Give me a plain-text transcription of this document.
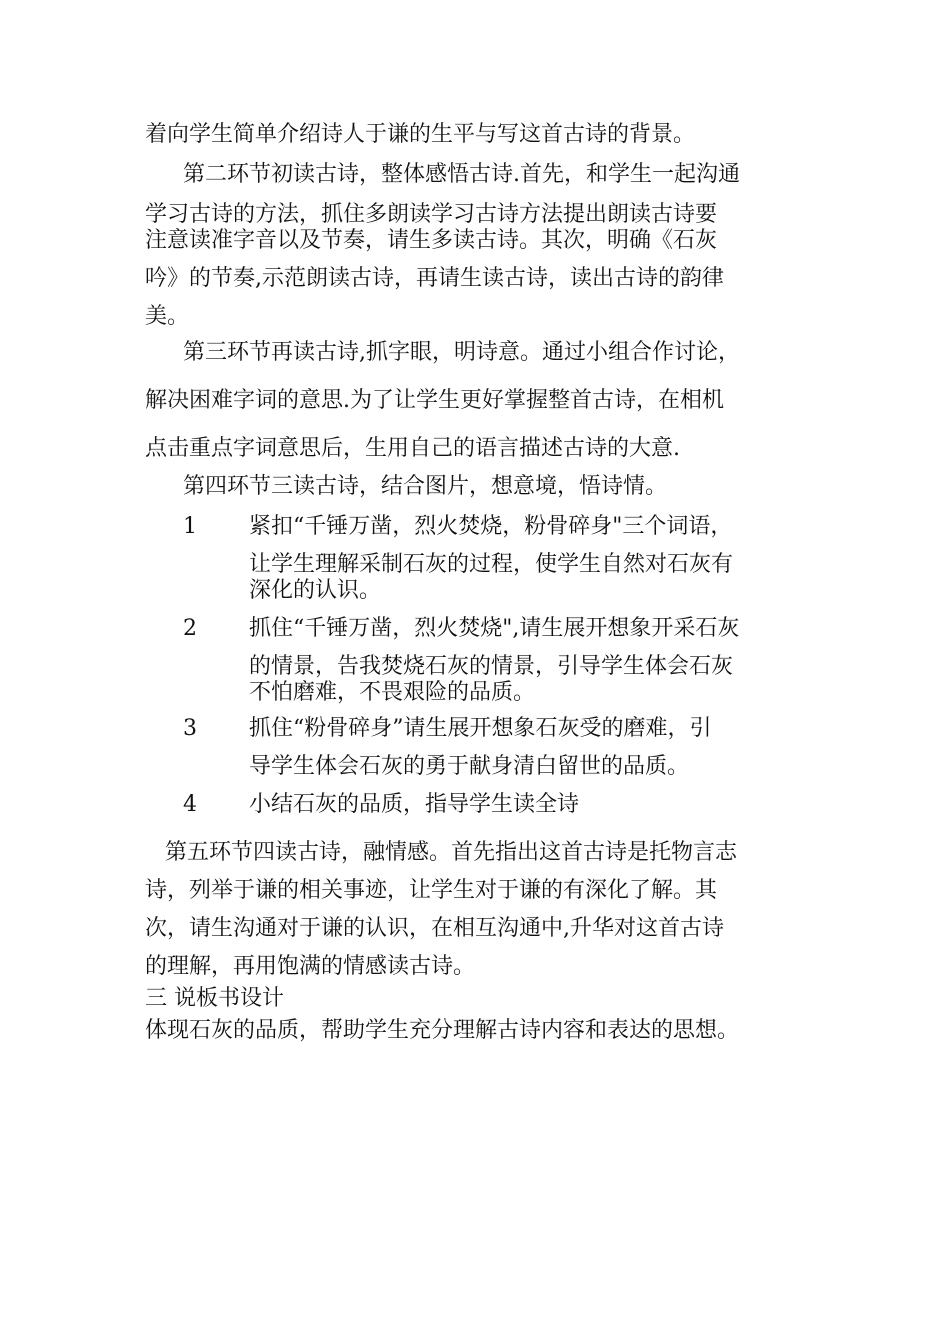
着向学生简单介绍诗人于谦的生平与写这首古诗的背景。
第二环节初读古诗，整体感悟古诗.首先，和学生一起沟通
学习古诗的方法，抓住多朗读学习古诗方法提出朗读古诗要
注意读准字音以及节奏，请生多读古诗。其次，明确《石灰
吟》的节奏,示范朗读古诗，再请生读古诗，读出古诗的韵律
美。
第三环节再读古诗,抓字眼，明诗意。通过小组合作讨论，
解决困难字词的意思.为了让学生更好掌握整首古诗，在相机
点击重点字词意思后，生用自己的语言描述古诗的大意.
第四环节三读古诗，结合图片，想意境，悟诗情。
1 紧扣“千锤万凿，烈火焚烧，粉骨碎身"三个词语，
让学生理解采制石灰的过程，使学生自然对石灰有
深化的认识。
2 抓住“千锤万凿，烈火焚烧",请生展开想象开采石灰
的情景，告我焚烧石灰的情景，引导学生体会石灰
不怕磨难，不畏艰险的品质。
3 抓住“粉骨碎身”请生展开想象石灰受的磨难，引
导学生体会石灰的勇于献身清白留世的品质。
4 小结石灰的品质，指导学生读全诗
第五环节四读古诗，融情感。首先指出这首古诗是托物言志
诗，列举于谦的相关事迹，让学生对于谦的有深化了解。其
次，请生沟通对于谦的认识，在相互沟通中,升华对这首古诗
的理解，再用饱满的情感读古诗。
三 说板书设计
体现石灰的品质，帮助学生充分理解古诗内容和表达的思想。
